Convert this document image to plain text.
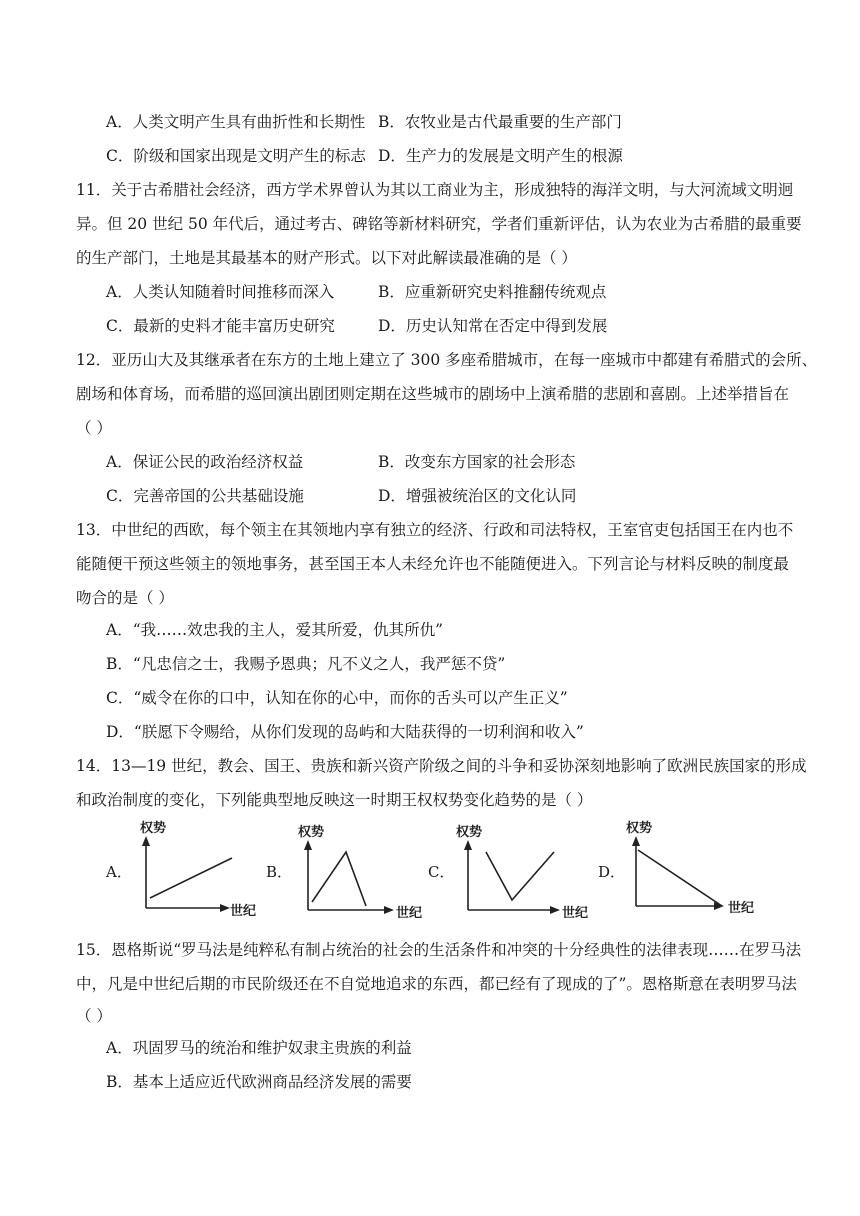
A．人类文明产生具有曲折性和长期性 B．农牧业是古代最重要的生产部门
C．阶级和国家出现是文明产生的标志 D．生产力的发展是文明产生的根源
11．关于古希腊社会经济，西方学术界曾认为其以工商业为主，形成独特的海洋文明，与大河流域文明迥
异。但 20 世纪 50 年代后，通过考古、碑铭等新材料研究，学者们重新评估，认为农业为古希腊的最重要
的生产部门，土地是其最基本的财产形式。以下对此解读最准确的是（ ）
A．人类认知随着时间推移而深入	B．应重新研究史料推翻传统观点
C．最新的史料才能丰富历史研究	D．历史认知常在否定中得到发展
12．亚历山大及其继承者在东方的土地上建立了 300 多座希腊城市，在每一座城市中都建有希腊式的会所、
剧场和体育场，而希腊的巡回演出剧团则定期在这些城市的剧场中上演希腊的悲剧和喜剧。上述举措旨在
（ ）
A．保证公民的政治经济权益	B．改变东方国家的社会形态
C．完善帝国的公共基础设施	D．增强被统治区的文化认同
13．中世纪的西欧，每个领主在其领地内享有独立的经济、行政和司法特权，王室官吏包括国王在内也不
能随便干预这些领主的领地事务，甚至国王本人未经允许也不能随便进入。下列言论与材料反映的制度最
吻合的是（ ）
A．“我……效忠我的主人，爱其所爱，仇其所仇”
B．“凡忠信之士，我赐予恩典；凡不义之人，我严惩不贷”
C．“威令在你的口中，认知在你的心中，而你的舌头可以产生正义”
D．“朕愿下令赐给，从你们发现的岛屿和大陆获得的一切利润和收入”
14．13—19 世纪，教会、国王、贵族和新兴资产阶级之间的斗争和妥协深刻地影响了欧洲民族国家的形成
和政治制度的变化，下列能典型地反映这一时期王权权势变化趋势的是（ ）
A．
权势
世纪
B．
权势
世纪
C．
权势
世纪
D．
权势
世纪
15．恩格斯说“罗马法是纯粹私有制占统治的社会的生活条件和冲突的十分经典性的法律表现……在罗马法
中，凡是中世纪后期的市民阶级还在不自觉地追求的东西，都已经有了现成的了”。恩格斯意在表明罗马法
（ ）
A．巩固罗马的统治和维护奴隶主贵族的利益
B．基本上适应近代欧洲商品经济发展的需要
